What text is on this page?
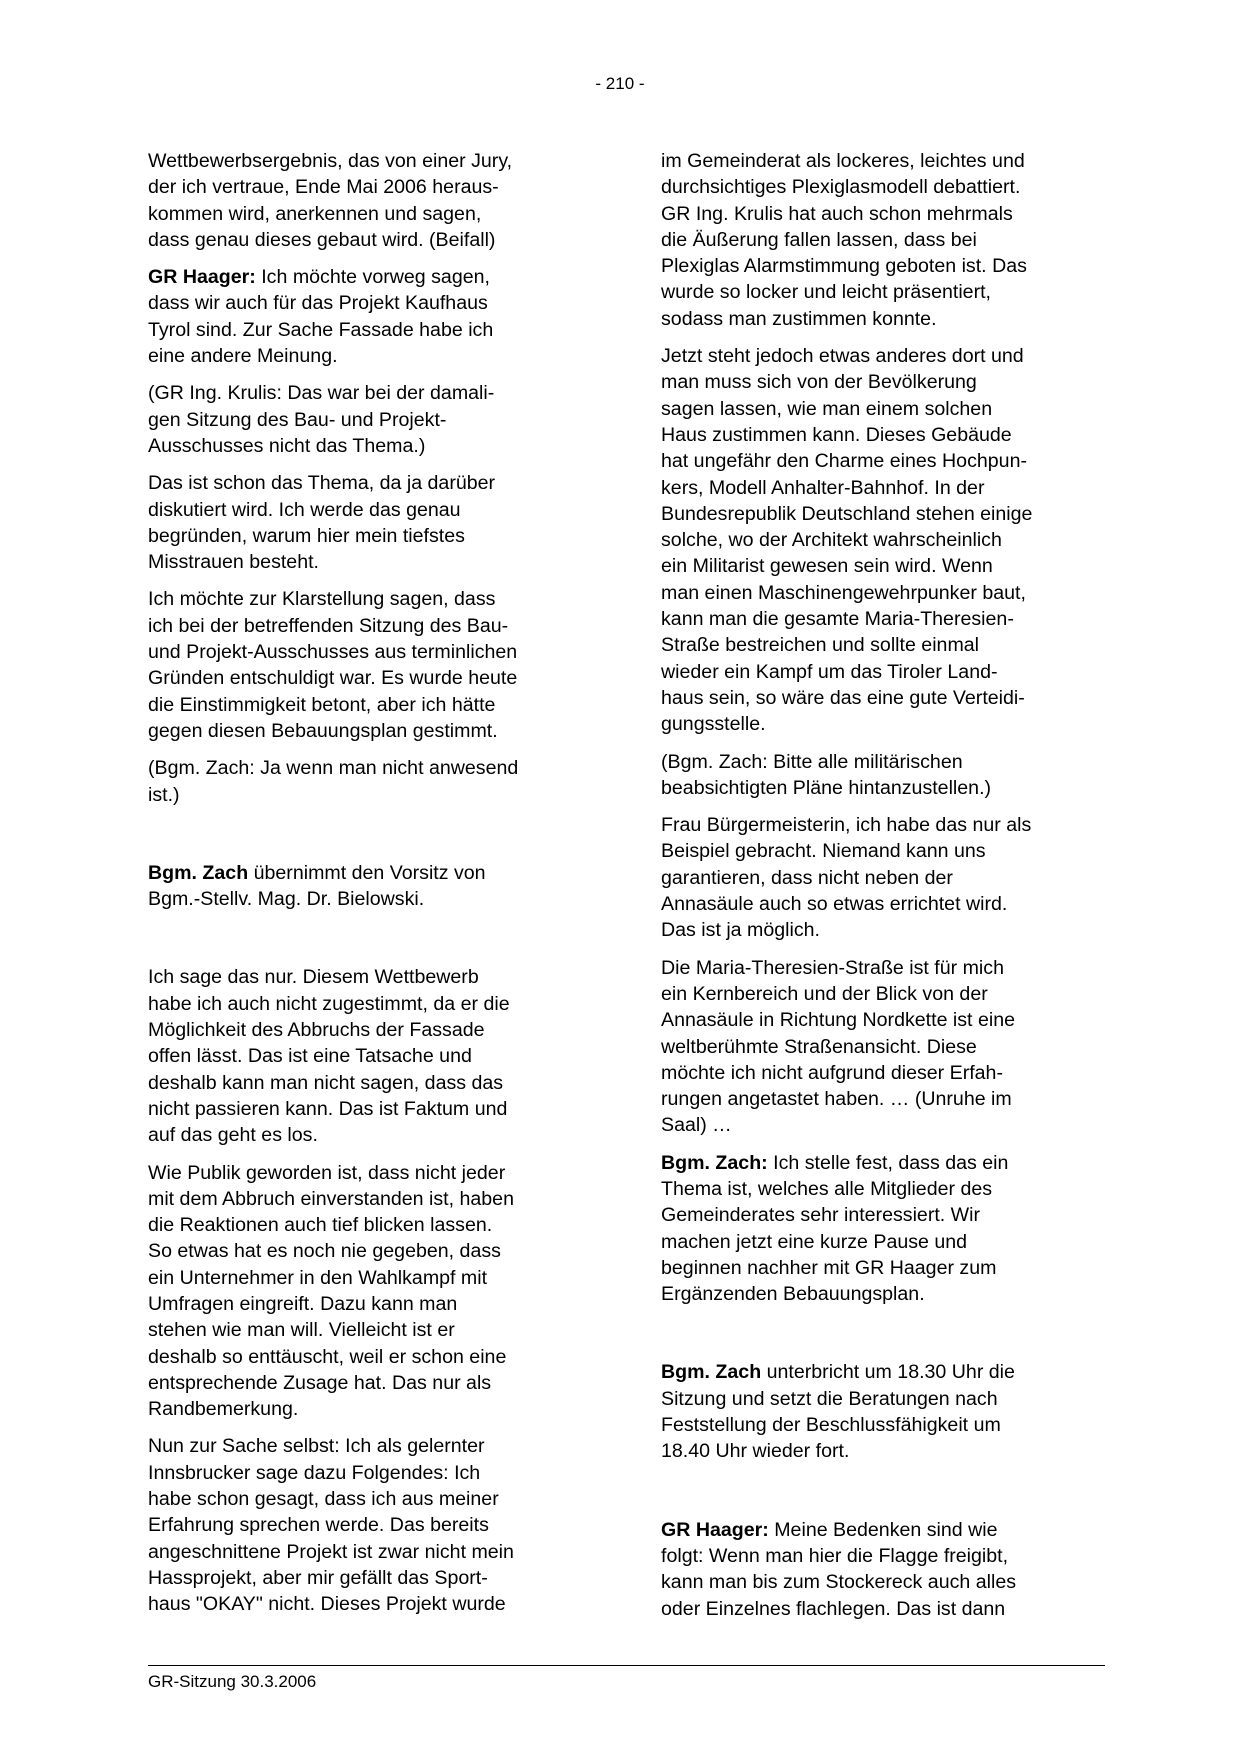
- 210 -

Wettbewerbsergebnis, das von einer Jury,
der ich vertraue, Ende Mai 2006 heraus-
kommen wird, anerkennen und sagen,
dass genau dieses gebaut wird. (Beifall)

GR Haager: Ich möchte vorweg sagen,
dass wir auch für das Projekt Kaufhaus
Tyrol sind. Zur Sache Fassade habe ich
eine andere Meinung.

(GR Ing. Krulis: Das war bei der damali-
gen Sitzung des Bau- und Projekt-
Ausschusses nicht das Thema.)

Das ist schon das Thema, da ja darüber
diskutiert wird. Ich werde das genau
begründen, warum hier mein tiefstes
Misstrauen besteht.

Ich möchte zur Klarstellung sagen, dass
ich bei der betreffenden Sitzung des Bau-
und Projekt-Ausschusses aus terminlichen
Gründen entschuldigt war. Es wurde heute
die Einstimmigkeit betont, aber ich hätte
gegen diesen Bebauungsplan gestimmt.

(Bgm. Zach: Ja wenn man nicht anwesend
ist.)

Bgm. Zach übernimmt den Vorsitz von
Bgm.-Stellv. Mag. Dr. Bielowski.

Ich sage das nur. Diesem Wettbewerb
habe ich auch nicht zugestimmt, da er die
Möglichkeit des Abbruchs der Fassade
offen lässt. Das ist eine Tatsache und
deshalb kann man nicht sagen, dass das
nicht passieren kann. Das ist Faktum und
auf das geht es los.

Wie Publik geworden ist, dass nicht jeder
mit dem Abbruch einverstanden ist, haben
die Reaktionen auch tief blicken lassen.
So etwas hat es noch nie gegeben, dass
ein Unternehmer in den Wahlkampf mit
Umfragen eingreift. Dazu kann man
stehen wie man will. Vielleicht ist er
deshalb so enttäuscht, weil er schon eine
entsprechende Zusage hat. Das nur als
Randbemerkung.

Nun zur Sache selbst: Ich als gelernter
Innsbrucker sage dazu Folgendes: Ich
habe schon gesagt, dass ich aus meiner
Erfahrung sprechen werde. Das bereits
angeschnittene Projekt ist zwar nicht mein
Hassprojekt, aber mir gefällt das Sport-
haus "OKAY" nicht. Dieses Projekt wurde

im Gemeinderat als lockeres, leichtes und
durchsichtiges Plexiglasmodell debattiert.
GR Ing. Krulis hat auch schon mehrmals
die Äußerung fallen lassen, dass bei
Plexiglas Alarmstimmung geboten ist. Das
wurde so locker und leicht präsentiert,
sodass man zustimmen konnte.

Jetzt steht jedoch etwas anderes dort und
man muss sich von der Bevölkerung
sagen lassen, wie man einem solchen
Haus zustimmen kann. Dieses Gebäude
hat ungefähr den Charme eines Hochpun-
kers, Modell Anhalter-Bahnhof. In der
Bundesrepublik Deutschland stehen einige
solche, wo der Architekt wahrscheinlich
ein Militarist gewesen sein wird. Wenn
man einen Maschinengewehrpunker baut,
kann man die gesamte Maria-Theresien-
Straße bestreichen und sollte einmal
wieder ein Kampf um das Tiroler Land-
haus sein, so wäre das eine gute Verteidi-
gungsstelle.

(Bgm. Zach: Bitte alle militärischen
beabsichtigten Pläne hintanzustellen.)

Frau Bürgermeisterin, ich habe das nur als
Beispiel gebracht. Niemand kann uns
garantieren, dass nicht neben der
Annasäule auch so etwas errichtet wird.
Das ist ja möglich.

Die Maria-Theresien-Straße ist für mich
ein Kernbereich und der Blick von der
Annasäule in Richtung Nordkette ist eine
weltberühmte Straßenansicht. Diese
möchte ich nicht aufgrund dieser Erfah-
rungen angetastet haben. … (Unruhe im
Saal) …

Bgm. Zach: Ich stelle fest, dass das ein
Thema ist, welches alle Mitglieder des
Gemeinderates sehr interessiert. Wir
machen jetzt eine kurze Pause und
beginnen nachher mit GR Haager zum
Ergänzenden Bebauungsplan.

Bgm. Zach unterbricht um 18.30 Uhr die
Sitzung und setzt die Beratungen nach
Feststellung der Beschlussfähigkeit um
18.40 Uhr wieder fort.

GR Haager: Meine Bedenken sind wie
folgt: Wenn man hier die Flagge freigibt,
kann man bis zum Stockereck auch alles
oder Einzelnes flachlegen. Das ist dann

GR-Sitzung 30.3.2006
